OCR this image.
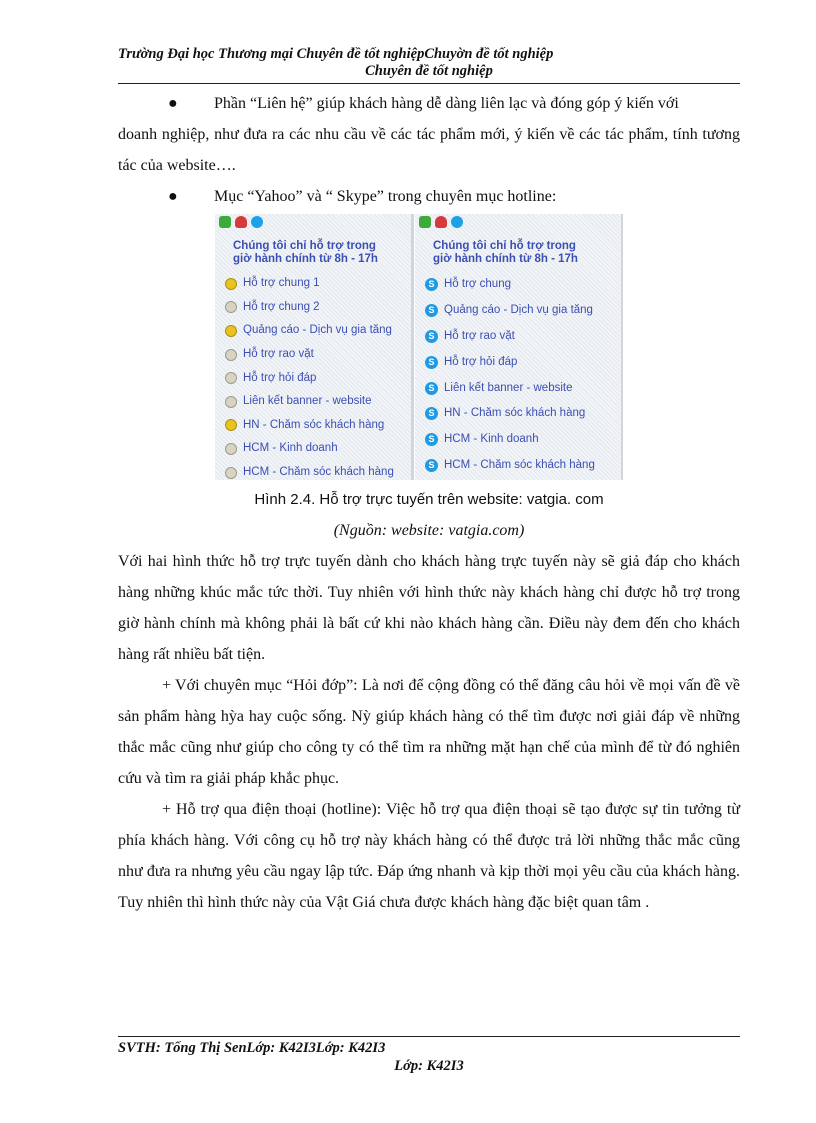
Trường Đại học Thương mại Chuyên đề tốt nghiệpChuyờn đề tốt nghiệp
Chuyên đề tốt nghiệp
● Phần “Liên hệ” giúp khách hàng dễ dàng liên lạc và đóng góp ý kiến với
doanh nghiệp, như đưa ra các nhu cầu về các tác phẩm mới, ý kiến về các tác phẩm, tính tương tác của website….
● Mục “Yahoo” và “ Skype” trong chuyên mục hotline:
Chúng tôi chỉ hỗ trợ trong
giờ hành chính từ 8h - 17h
Hỗ trợ chung 1
Hỗ trợ chung 2
Quảng cáo - Dịch vụ gia tăng
Hỗ trợ rao vặt
Hỗ trợ hỏi đáp
Liên kết banner - website
HN - Chăm sóc khách hàng
HCM - Kinh doanh
HCM - Chăm sóc khách hàng
Chúng tôi chỉ hỗ trợ trong
giờ hành chính từ 8h - 17h
S Hỗ trợ chung
S Quảng cáo - Dịch vụ gia tăng
S Hỗ trợ rao vặt
S Hỗ trợ hỏi đáp
S Liên kết banner - website
S HN - Chăm sóc khách hàng
S HCM - Kinh doanh
S HCM - Chăm sóc khách hàng
Hình 2.4. Hỗ trợ trực tuyến trên website: vatgia. com
(Nguồn: website: vatgia.com)
Với hai hình thức hỗ trợ trực tuyến dành cho khách hàng trực tuyến này sẽ giả đáp cho khách hàng những khúc mắc tức thời. Tuy nhiên với hình thức này khách hàng chỉ được hỗ trợ trong giờ hành chính mà không phải là bất cứ khi nào khách hàng cần. Điều này đem đến cho khách hàng rất nhiều bất tiện.
+ Với chuyên mục “Hỏi đớp”: Là nơi để cộng đồng có thể đăng câu hỏi về mọi vấn đề về sản phẩm hàng hỳa hay cuộc sống. Nỳ giúp khách hàng có thể tìm được nơi giải đáp về những thắc mắc cũng như giúp cho công ty có thể tìm ra những mặt hạn chế của mình để từ đó nghiên cứu và tìm ra giải pháp khắc phục.
+ Hỗ trợ qua điện thoại (hotline): Việc hỗ trợ qua điện thoại sẽ tạo được sự tin tưởng từ phía khách hàng. Với công cụ hỗ trợ này khách hàng có thể được trả lời những thắc mắc cũng như đưa ra nhưng yêu cầu ngay lập tức. Đáp ứng nhanh và kịp thời mọi yêu cầu của khách hàng. Tuy nhiên thì hình thức này của Vật Giá chưa được khách hàng đặc biệt quan tâm .
SVTH: Tống Thị SenLớp: K42I3Lớp: K42I3
Lớp: K42I3
